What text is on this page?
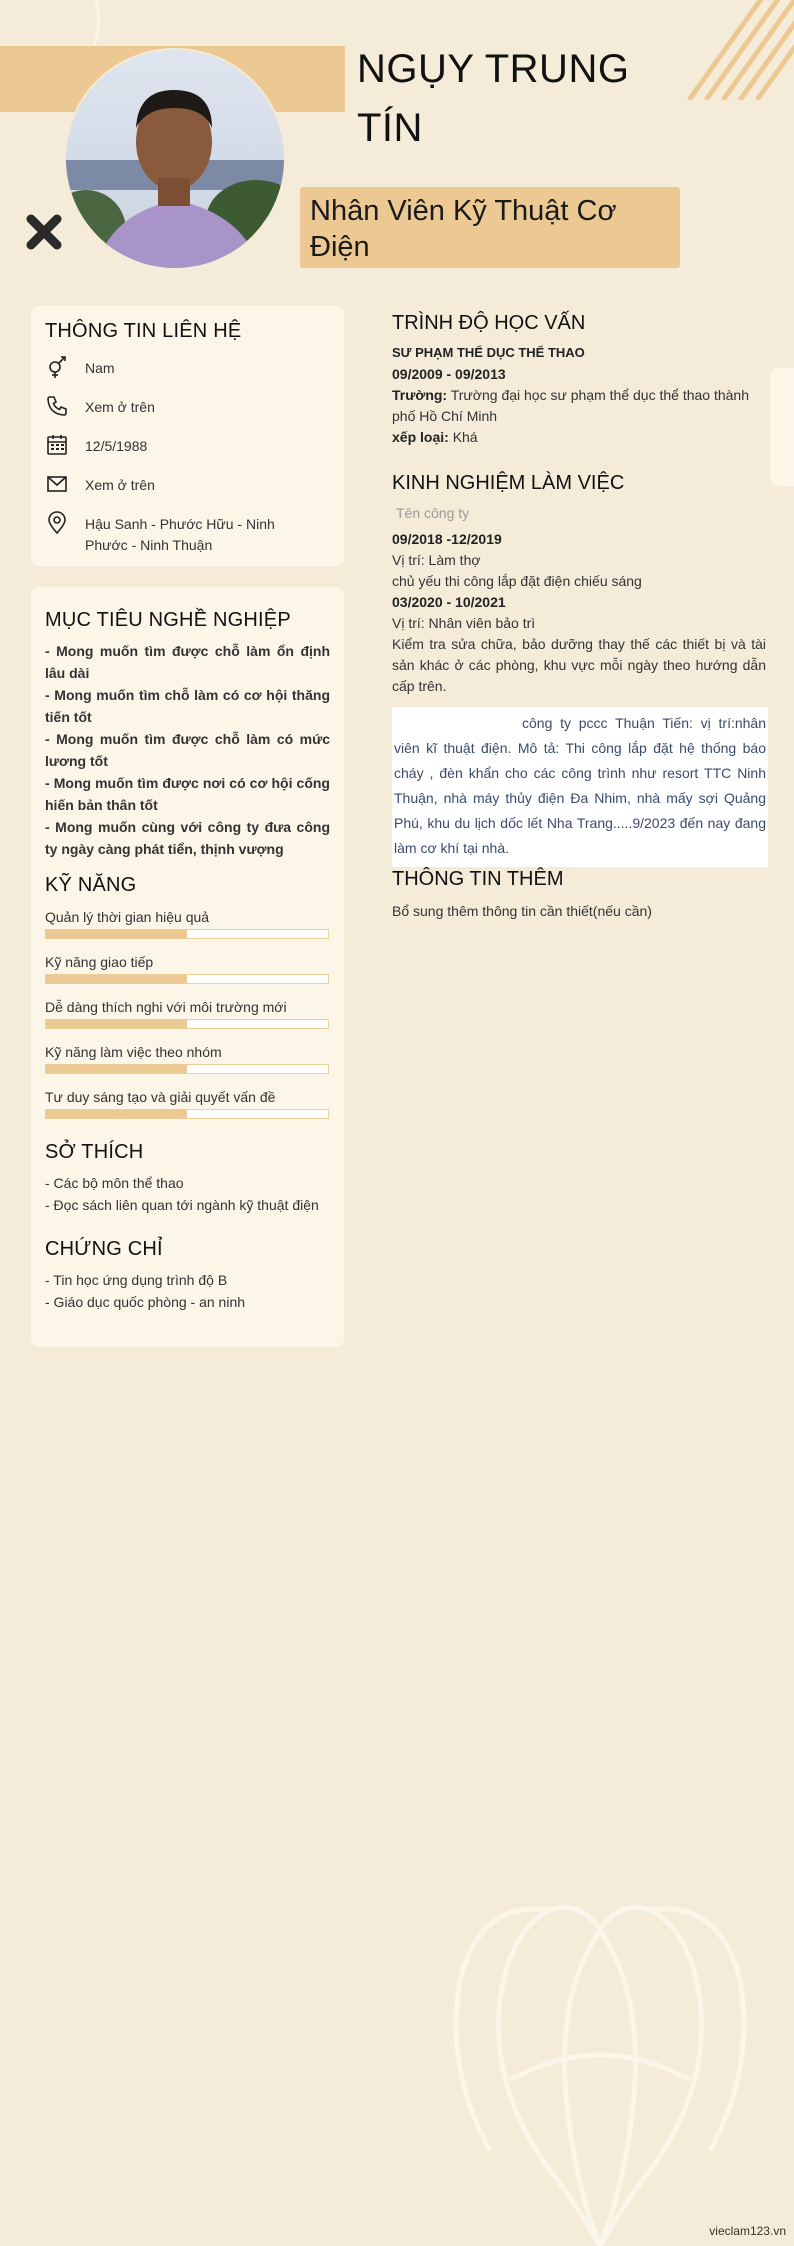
NGỤY TRUNG
TÍN
Nhân Viên Kỹ Thuật Cơ
Điện
THÔNG TIN LIÊN HỆ
Nam
Xem ở trên
12/5/1988
Xem ở trên
Hậu Sanh - Phước Hữu - Ninh
Phước - Ninh Thuận
MỤC TIÊU NGHỀ NGHIỆP
- Mong muốn tìm được chỗ làm ổn định lâu dài
- Mong muốn tìm chỗ làm có cơ hội thăng tiến tốt
- Mong muốn tìm được chỗ làm có mức lương tốt
- Mong muốn tìm được nơi có cơ hội cống hiến bản thân tốt
- Mong muốn cùng với công ty đưa công ty ngày càng phát tiển, thịnh vượng
KỸ NĂNG
Quản lý thời gian hiệu quả
Kỹ năng giao tiếp
Dễ dàng thích nghi với môi trường mới
Kỹ năng làm việc theo nhóm
Tư duy sáng tạo và giải quyết vấn đề
SỞ THÍCH
- Các bộ môn thể thao
- Đọc sách liên quan tới ngành kỹ thuật điện
CHỨNG CHỈ
- Tin học ứng dụng trình độ B
- Giáo dục quốc phòng - an ninh
TRÌNH ĐỘ HỌC VẤN
SƯ PHẠM THỂ DỤC THỂ THAO
09/2009 - 09/2013
Trường: Trường đại học sư phạm thể dục thể thao thành phố Hồ Chí Minh
xếp loại: Khá
KINH NGHIỆM LÀM VIỆC
Tên công ty
09/2018 -12/2019
Vị trí: Làm thợ
chủ yếu thi công lắp đặt điện chiếu sáng
03/2020 - 10/2021
Vị trí: Nhân viên bảo trì
Kiểm tra sửa chữa, bảo dưỡng thay thế các thiết bị và tài sản khác ở các phòng, khu vực mỗi ngày theo hướng dẫn cấp trên.
công ty pccc Thuận Tiến: vị trí:nhân viên kĩ thuật điện. Mô tả: Thi công lắp đặt hệ thống báo cháy , đèn khẩn cho các công trình như resort TTC Ninh Thuận, nhà máy thủy điện Đa Nhim, nhà mấy sợi Quảng Phú, khu du lịch dốc lết Nha Trang.....9/2023 đến nay đang làm cơ khí tại nhà.
THÔNG TIN THÊM
Bổ sung thêm thông tin cần thiết(nếu cần)
vieclam123.vn
